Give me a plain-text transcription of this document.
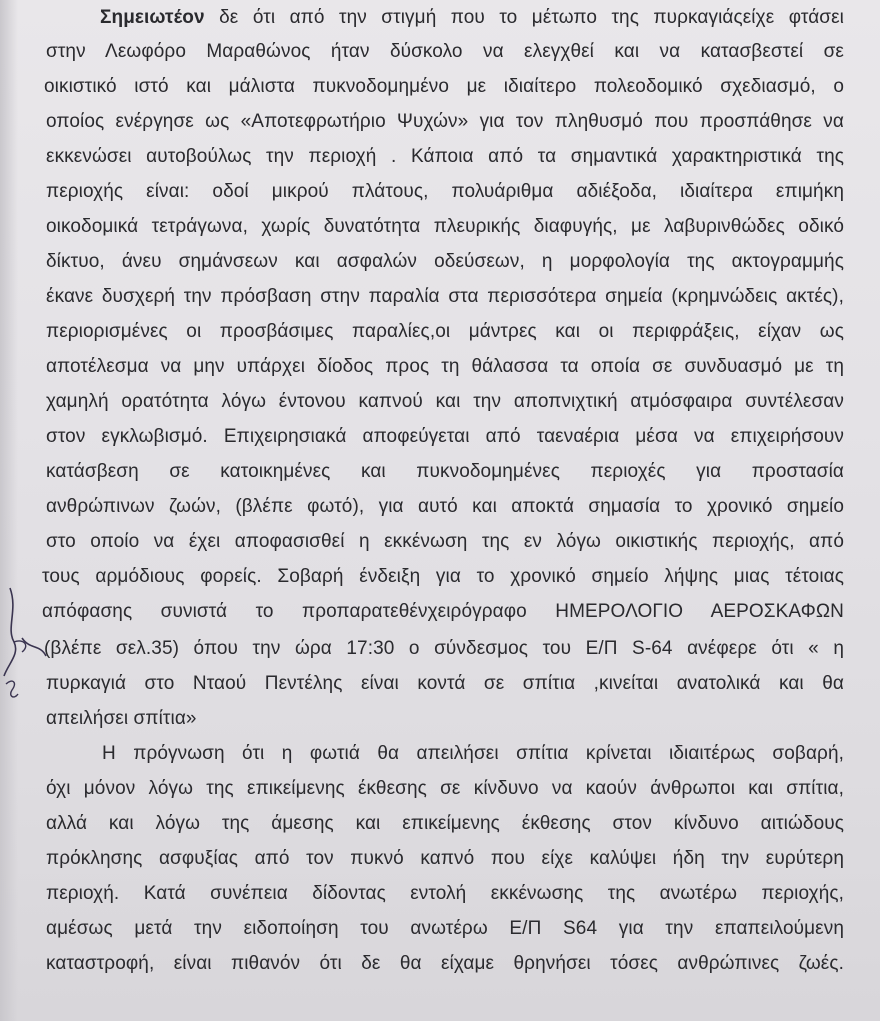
Σημειωτέον δε ότι από την στιγμή που το μέτωπο της πυρκαγιάςείχε φτάσει
στην Λεωφόρο Μαραθώνος ήταν δύσκολο να ελεγχθεί και να κατασβεστεί σε
οικιστικό ιστό και μάλιστα πυκνοδομημένο με ιδιαίτερο πολεοδομικό σχεδιασμό, ο
οποίος ενέργησε ως «Αποτεφρωτήριο Ψυχών» για τον πληθυσμό που προσπάθησε να
εκκενώσει αυτοβούλως την περιοχή . Κάποια από τα σημαντικά χαρακτηριστικά της
περιοχής είναι: οδοί μικρού πλάτους, πολυάριθμα αδιέξοδα, ιδιαίτερα επιμήκη
οικοδομικά τετράγωνα, χωρίς δυνατότητα πλευρικής διαφυγής, με λαβυρινθώδες οδικό
δίκτυο, άνευ σημάνσεων και ασφαλών οδεύσεων, η μορφολογία της ακτογραμμής
έκανε δυσχερή την πρόσβαση στην παραλία στα περισσότερα σημεία (κρημνώδεις ακτές),
περιορισμένες οι προσβάσιμες παραλίες,οι μάντρες και οι περιφράξεις, είχαν ως
αποτέλεσμα να μην υπάρχει δίοδος προς τη θάλασσα τα οποία σε συνδυασμό με τη
χαμηλή ορατότητα λόγω έντονου καπνού και την αποπνιχτική ατμόσφαιρα συντέλεσαν
στον εγκλωβισμό. Επιχειρησιακά αποφεύγεται από ταεναέρια μέσα να επιχειρήσουν
κατάσβεση σε κατοικημένες και πυκνοδομημένες περιοχές για προστασία
ανθρώπινων ζωών, (βλέπε φωτό), για αυτό και αποκτά σημασία το χρονικό σημείο
στο οποίο να έχει αποφασισθεί η εκκένωση της εν λόγω οικιστικής περιοχής, από
τους αρμόδιους φορείς. Σοβαρή ένδειξη για το χρονικό σημείο λήψης μιας τέτοιας
απόφασης συνιστά το προπαρατεθένχειρόγραφο ΗΜΕΡΟΛΟΓΙΟ ΑΕΡΟΣΚΑΦΩΝ
(βλέπε σελ.35) όπου την ώρα 17:30 ο σύνδεσμος του Ε/Π S-64 ανέφερε ότι « η
πυρκαγιά στο Νταού Πεντέλης είναι κοντά σε σπίτια ,κινείται ανατολικά και θα
απειλήσει σπίτια»
Η πρόγνωση ότι η φωτιά θα απειλήσει σπίτια κρίνεται ιδιαιτέρως σοβαρή,
όχι μόνον λόγω της επικείμενης έκθεσης σε κίνδυνο να καούν άνθρωποι και σπίτια,
αλλά και λόγω της άμεσης και επικείμενης έκθεσης στον κίνδυνο αιτιώδους
πρόκλησης ασφυξίας από τον πυκνό καπνό που είχε καλύψει ήδη την ευρύτερη
περιοχή. Κατά συνέπεια δίδοντας εντολή εκκένωσης της ανωτέρω περιοχής,
αμέσως μετά την ειδοποίηση του ανωτέρω Ε/Π S64 για την επαπειλούμενη
καταστροφή, είναι πιθανόν ότι δε θα είχαμε θρηνήσει τόσες ανθρώπινες ζωές.
